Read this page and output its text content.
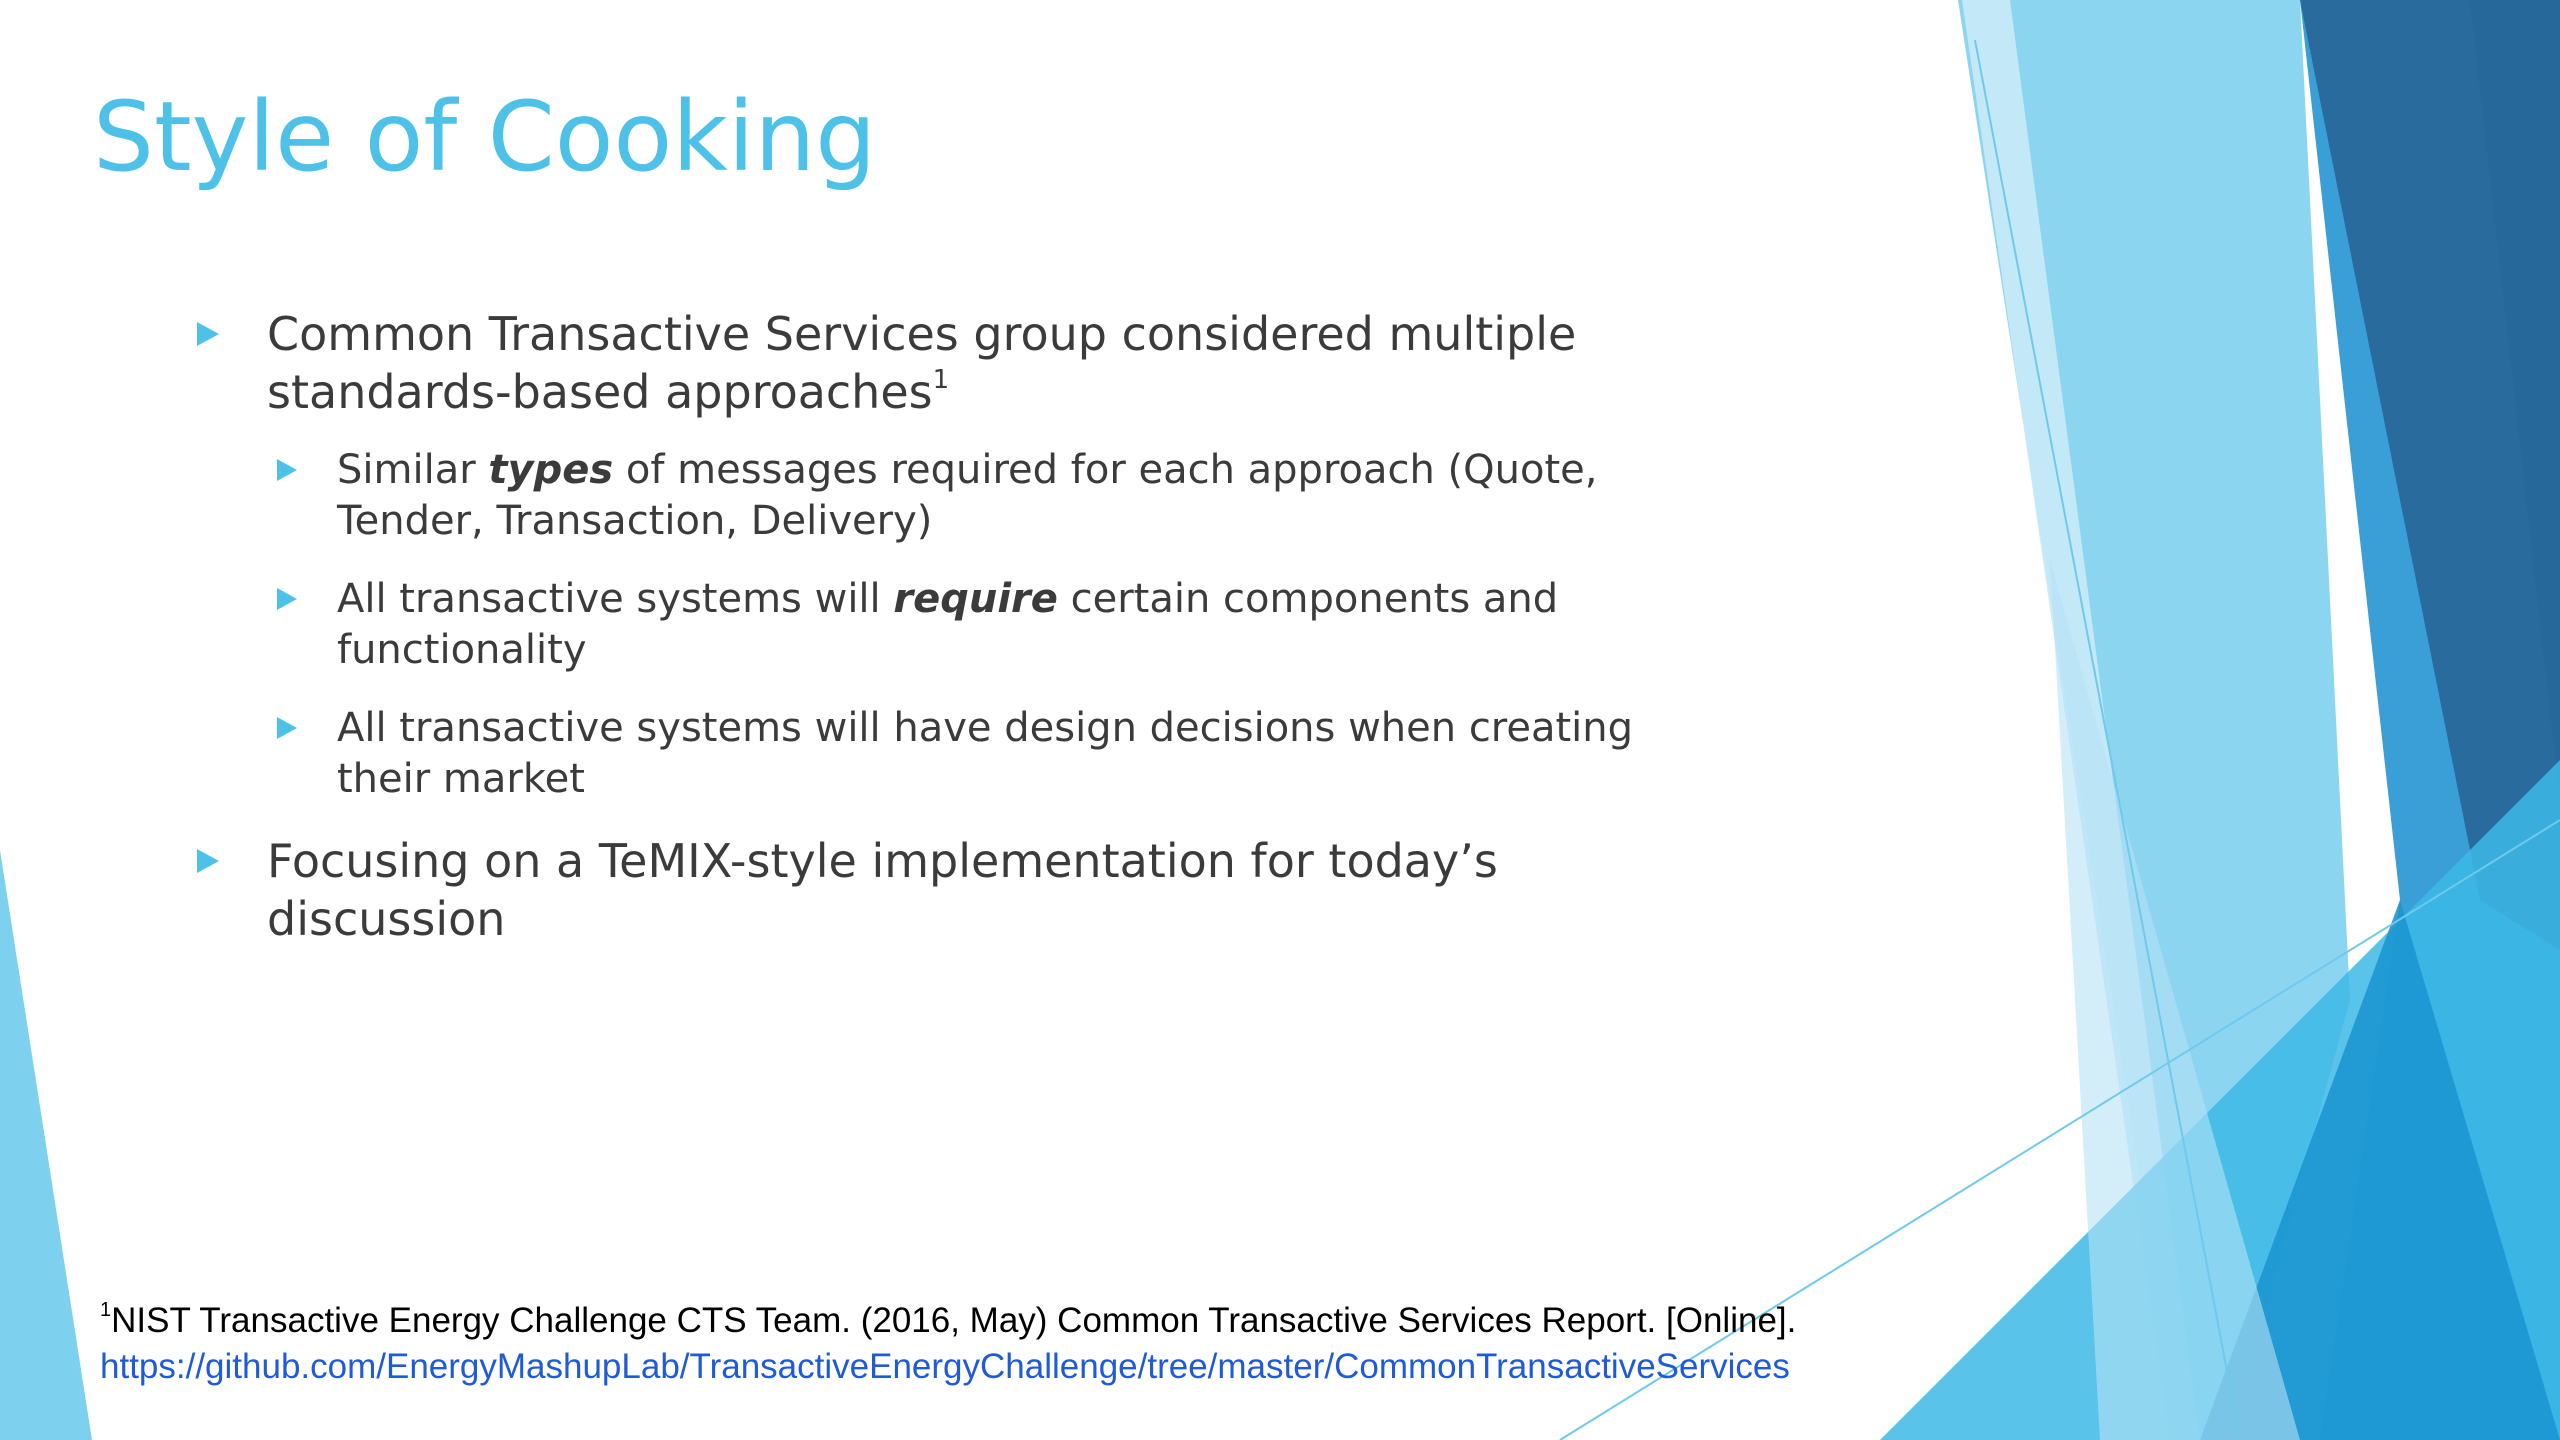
Style of Cooking
Common Transactive Services group considered multiple standards-based approaches$^1$
Similar types of messages required for each approach (Quote, Tender, Transaction, Delivery)
All transactive systems will require certain components and functionality
All transactive systems will have design decisions when creating their market
Focusing on a TeMIX-style implementation for today’s discussion
$^1$NIST Transactive Energy Challenge CTS Team. (2016, May) Common Transactive Services Report. [Online].
https://github.com/EnergyMashupLab/TransactiveEnergyChallenge/tree/master/CommonTransactiveServices
